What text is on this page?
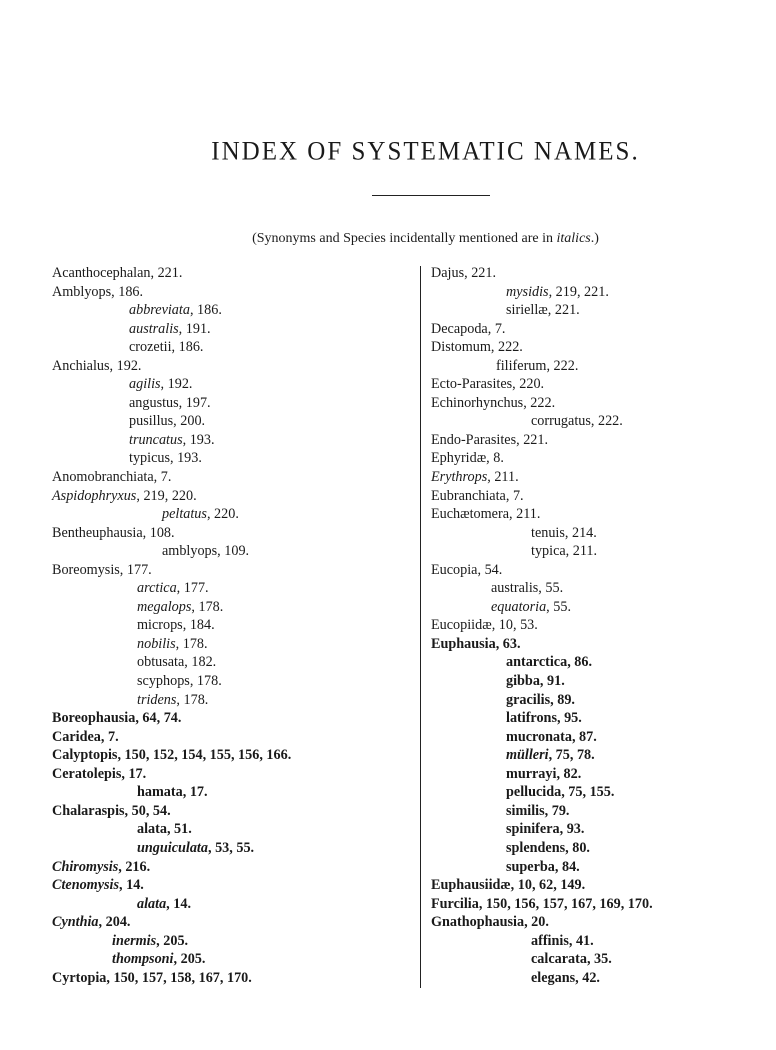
INDEX OF SYSTEMATIC NAMES.
(Synonyms and Species incidentally mentioned are in italics.)
Acanthocephalan, 221.
Amblyops, 186.
abbreviata, 186.
australis, 191.
crozetii, 186.
Anchialus, 192.
agilis, 192.
angustus, 197.
pusillus, 200.
truncatus, 193.
typicus, 193.
Anomobranchiata, 7.
Aspidophryxus, 219, 220.
peltatus, 220.
Bentheuphausia, 108.
amblyops, 109.
Boreomysis, 177.
arctica, 177.
megalops, 178.
microps, 184.
nobilis, 178.
obtusata, 182.
scyphops, 178.
tridens, 178.
Boreophausia, 64, 74.
Caridea, 7.
Calyptopis, 150, 152, 154, 155, 156, 166.
Ceratolepis, 17.
hamata, 17.
Chalaraspis, 50, 54.
alata, 51.
unguiculata, 53, 55.
Chiromysis, 216.
Ctenomysis, 14.
alata, 14.
Cynthia, 204.
inermis, 205.
thompsoni, 205.
Cyrtopia, 150, 157, 158, 167, 170.
Dajus, 221.
mysidis, 219, 221.
siriellæ, 221.
Decapoda, 7.
Distomum, 222.
filiferum, 222.
Ecto-Parasites, 220.
Echinorhynchus, 222.
corrugatus, 222.
Endo-Parasites, 221.
Ephyridæ, 8.
Erythrops, 211.
Eubranchiata, 7.
Euchætomera, 211.
tenuis, 214.
typica, 211.
Eucopia, 54.
australis, 55.
equatoria, 55.
Eucopiidæ, 10, 53.
Euphausia, 63.
antarctica, 86.
gibba, 91.
gracilis, 89.
latifrons, 95.
mucronata, 87.
mülleri, 75, 78.
murrayi, 82.
pellucida, 75, 155.
similis, 79.
spinifera, 93.
splendens, 80.
superba, 84.
Euphausiidæ, 10, 62, 149.
Furcilia, 150, 156, 157, 167, 169, 170.
Gnathophausia, 20.
affinis, 41.
calcarata, 35.
elegans, 42.
